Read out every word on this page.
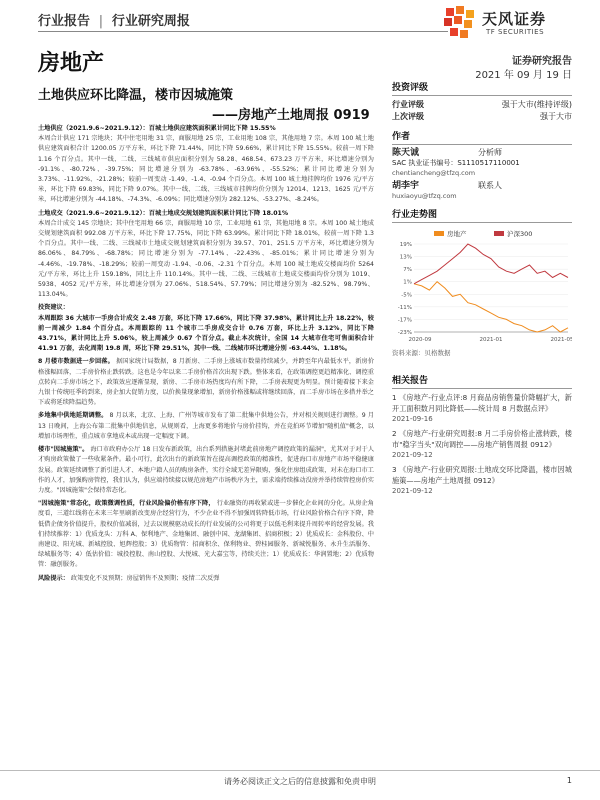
行业报告 | 行业研究周报	天风证券
TF SECURITIES
房地产	证券研究报告
2021 年 09 月 19 日
土地供应环比降温，楼市因城施策
——房地产土地周报 0919

土地供应（2021.9.6~2021.9.12）：百城土地供应建筑面积累计同比下降 15.55%
本周合计供应 171 宗地块；其中住宅用地 31 宗，商服用地 25 宗，工业用地 108 宗，其他用地 7 宗。本周 100 城土地供应建筑面积合计 1200.05 万平方米，环比下降 71.44%，同比下降 59.66%，累计同比下降 15.55%。较前一周下降 1.16 个百分点。其中一线、二线、三线城市供应面积分别为 58.28、468.54、673.23 万平方米，环比增速分别为 -91.1%、-80.72%、-39.75%；同比增速分别为 -63.78%、-63.96%、-55.52%；累计同比增速分别为 3.73%、-11.92%、-21.28%；较前一周变动 -1.49、-1.4、-0.94 个百分点。本周 100 城土地挂牌均价 1976 元/平方米，环比下降 69.83%，同比下降 9.07%。其中一线、二线、三线城市挂牌均价分别为 12014、1213、1625 元/平方米，环比增速分别为 -44.18%、-74.3%、-6.09%；同比增速分别为 282.12%、-53.27%、-8.24%。

土地成交（2021.9.6~2021.9.12）：百城土地成交规划建筑面积累计同比下降 18.01%
本周合计成交 145 宗地块；其中住宅用地 66 宗，商服用地 10 宗，工业用地 61 宗，其他用地 8 宗。本周 100 城土地成交规划建筑面积 992.08 万平方米，环比下降 17.75%，同比下降 63.99%。累计同比下降 18.01%，较前一周下降 1.3 个百分点。其中一线、二线、三线城市土地成交规划建筑面积分别为 39.57、701、251.5 万平方米，环比增速分别为 86.06%、84.79%、-68.78%；同比增速分别为 -77.14%、-22.43%、-85.01%；累计同比增速分别为 -4.46%、-19.78%、-18.29%；较前一周变动 -1.94、-0.06、-2.31 个百分点。本周 100 城土地成交楼面均价 5264 元/平方米，环比上升 159.18%，同比上升 110.14%。其中一线、二线、三线城市土地成交楼面均价分别为 1019、5938、4052 元/平方米，环比增速分别为 27.06%、518.54%、57.79%；同比增速分别为 -82.52%、98.79%、113.04%。

投资建议：
本周跟踪 36 大城市一手房合计成交 2.48 万套，环比下降 17.66%，同比下降 37.98%，累计同比上升 18.22%，较前一周减少 1.84 个百分点。本周跟踪的 11 个城市二手房成交合计 0.76 万套，环比上升 3.12%，同比下降 43.71%，累计同比上升 5.06%，较上周减少 0.67 个百分点。截止本次统计，全国 14 大城市住宅可售面积合计 41.91 万套，去化周期 19.8 周，环比下降 29.51%，其中一线、二线城市环比增速分别 -63.44%、1.18%。

8 月楼市数据进一步回落。 据国家统计局数据，8 月新房、二手房上涨城市数量持续减少，并跨至年内最低水平，新房价格涨幅回落，二手房价格止跌转跌。这也是今年以来二手房价格首次出现下跌。整体来看，在政策调控更趋精准化、调控重点转向二手房市场之下，政策效应逐渐显现，新房、二手房市场热度均有所下降，二手房表现更为明显。预计随着接下来金九银十传统旺季的到来，房企加大促销力度，以价换量现象增加，新房价格涨幅或将继续回落，而二手房市场在多措并举之下或将延续降温趋势。

多地集中供地延期调整。 8 月以来，北京、上海、广州等城市发布了第二批集中供地公告，并对相关规则进行调整。9 月 13 日晚间，上海公布第二批集中供地信息，从规则看，上海更多将地价与房价挂钩，并在竞拍环节增加"随机值"概念，以增加市场理性，重点城市拿地成本或出现一定幅度下调。

楼市"因城施策"。 海口市政府办公厅 18 日发布新政策，出台系列措施封堵此前房地产调控政策的漏洞"，尤其对于对于人才购房政策做了一些收紧条件。最小可行，此次出台的新政策旨在提高调控政策的精准性，促进海口市房地产市场平稳健康发展。政策延续调整了新引进人才、本地户籍人员的购房条件，实行全域无差异限购，强化住房组成政策，对未在海口市工作的人才，加强购房管控，我们认为，供应端持续接以规范房地产市场秩序为主，需求端持续推动没房并举持续管控房价实力度。"因城施策"会保持常态化。

"因城施策"常态化，政策微调性质，行业风险偏价格有序下降， 行业融资的再收紧或进一步催化企业间的分化。从房企角度看，三道红线将在未来三年里刷新改变房企经营行为，不少企业不得不加强周转降低市场，行业风险价格合有序下降，降低借企债务价值提升，股权价值减弱，过去以规模驱动成长的行业发展的公司将更于以低毛利来提升周转率的经营发展。我们持续推荐：1）优质龙头：万科 A、保利地产、金地集团、融创中国、龙湖集团、招商积极；2）优质成长：金科股份、中南建设、阳光城、新城控股、旭辉控股；3）优质物管：招商积余、保利物业、碧桂园服务、新城悦服务、永升生活服务、绿城服务等；4）低估价值：城投控股、南山控股、大悦城、光大嘉宝等，持续关注；1）优质成长：华润置地；2）优质物管：融创服务。

风险提示： 政策变化不及预期；房屋销售不及预期；疫情二次反弹

投资评级
行业评级	强于大市(维持评级)
上次评级	强于大市
作者
陈天诚	分析师
SAC 执业证书编号：S1110517110001
chentiancheng@tfzq.com
胡李宇	联系人
huxiaoyu@tfzq.com
行业走势图
房地产	沪深300
19%
13%
7%
1%
-5%
-11%
-17%
-23%
2020-09	2021-01	2021-05
资料来源：贝格数据
相关报告
1 《房地产-行业点评:8 月商品房销售量价降幅扩大，新开工面积数月同比降低——统计局 8 月数据点评》
2021-09-16
2 《房地产-行业研究周报:8 月二手房价格止涨转跌，楼市"稳字当头"双向调控——房地产销售周报 0912》
2021-09-12
3 《房地产-行业研究周报:土地成交环比降温，楼市因城施策——房地产土地周报 0912》
2021-09-12
请务必阅读正文之后的信息披露和免责申明	1
